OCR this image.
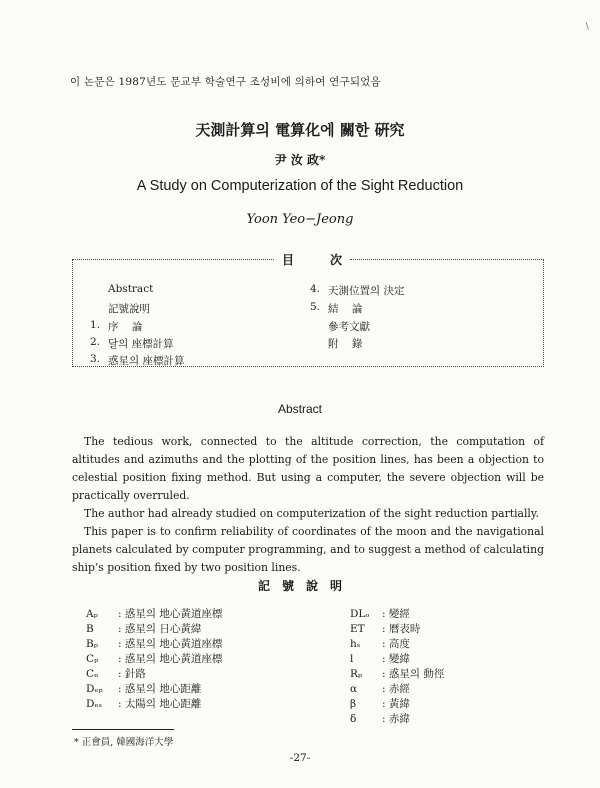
∖
이 논문은 1987년도 문교부 학술연구 조성비에 의하여 연구되었음
天測計算의 電算化에 關한 硏究
尹 汝 政*
A Study on Computerization of the Sight Reduction
Yoon Yeo−Jeong
目	次
Abstract
記號說明
1. 序    論
2. 달의 座標計算
3. 惑星의 座標計算
4. 天測位置의 決定
5. 結    論
參考文獻
附    錄
Abstract

The tedious work, connected to the altitude correction, the computation of altitudes and azimuths and the plotting of the position lines, has been a objection to celestial position fixing method. But using a computer, the severe objection will be practically overruled.

The author had already studied on computerization of the sight reduction partially.

This paper is to confirm reliability of coordinates of the moon and the navigational planets calculated by computer programming, and to suggest a method of calculating ship’s position fixed by two position lines.

記號說明
Aₚ : 惑星의 地心黃道座標
B : 惑星의 日心黃緯
Bₚ : 惑星의 地心黃道座標
Cₚ : 惑星의 地心黃道座標
Cₙ : 針路
Dₑₚ : 惑星의 地心距離
Dₑₛ : 太陽의 地心距離
DLₒ : 變經
ET : 曆表時
hₛ : 高度
l	: 變緯
Rₚ : 惑星의 動徑
α : 赤經
β : 黃緯
δ : 赤緯
* 正會員, 韓國海洋大學
-27-
